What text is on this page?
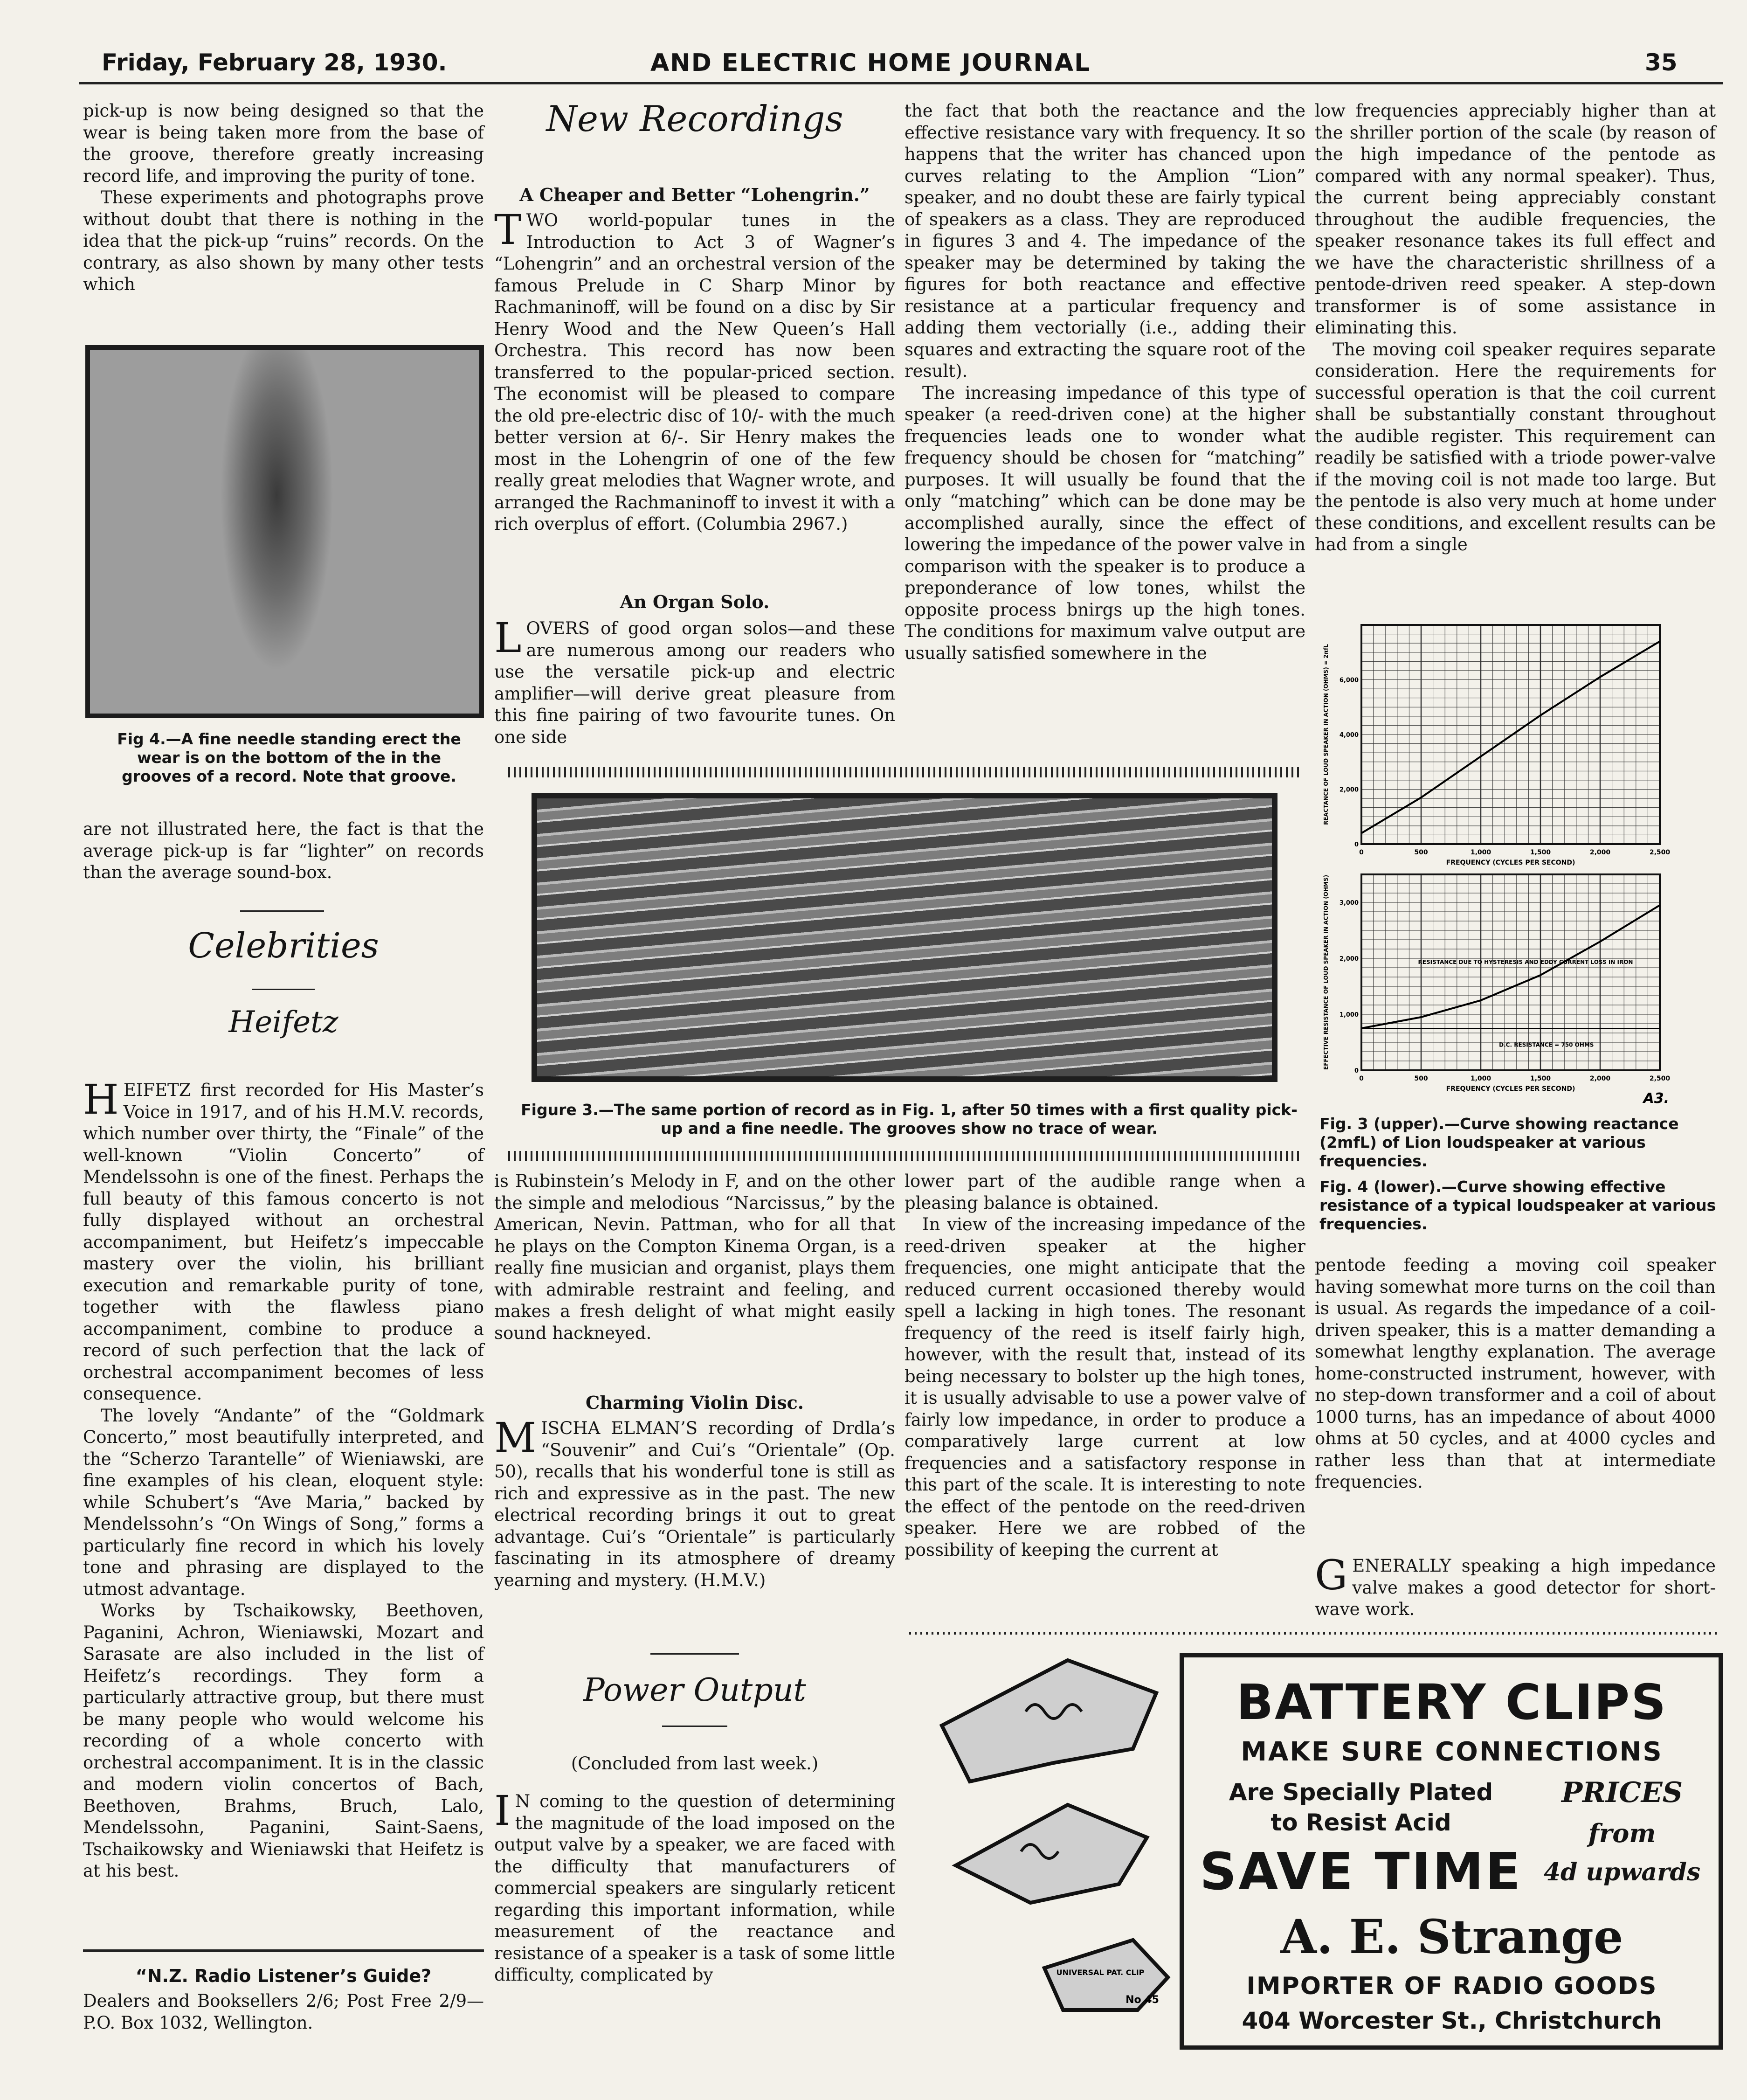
Friday, February 28, 1930.	AND ELECTRIC HOME JOURNAL	35

pick-up is now being designed so that the wear is being taken more from the base of the groove, therefore greatly increasing record life, and improving the purity of tone.

These experiments and photographs prove without doubt that there is nothing in the idea that the pick-up “ruins” records. On the contrary, as also shown by many other tests which

Fig 4.—A fine needle standing erect the wear is on the bottom of the in the grooves of a record. Note that groove.

are not illustrated here, the fact is that the average pick-up is far “lighter” on records than the average sound-box.

Celebrities
Heifetz

HEIFETZ first recorded for His Master’s Voice in 1917, and of his H.M.V. records, which number over thirty, the “Finale” of the well-known “Violin Concerto” of Mendelssohn is one of the finest. Perhaps the full beauty of this famous concerto is not fully displayed without an orchestral accompaniment, but Heifetz’s impeccable mastery over the violin, his brilliant execution and remarkable purity of tone, together with the flawless piano accompaniment, combine to produce a record of such perfection that the lack of orchestral accompaniment becomes of less consequence.

The lovely “Andante” of the “Goldmark Concerto,” most beautifully interpreted, and the “Scherzo Tarantelle” of Wieniawski, are fine examples of his clean, eloquent style: while Schubert’s “Ave Maria,” backed by Mendelssohn’s “On Wings of Song,” forms a particularly fine record in which his lovely tone and phrasing are displayed to the utmost advantage.

Works by Tschaikowsky, Beethoven, Paganini, Achron, Wieniawski, Mozart and Sarasate are also included in the list of Heifetz’s recordings. They form a particularly attractive group, but there must be many people who would welcome his recording of a whole concerto with orchestral accompaniment. It is in the classic and modern violin concertos of Bach, Beethoven, Brahms, Bruch, Lalo, Mendelssohn, Paganini, Saint-Saens, Tschaikowsky and Wieniawski that Heifetz is at his best.

“N.Z. Radio Listener’s Guide?

Dealers and Booksellers 2/6; Post Free 2/9—P.O. Box 1032, Wellington.

New Recordings
A Cheaper and Better “Lohengrin.”

TWO world-popular tunes in the Introduction to Act 3 of Wagner’s “Lohengrin” and an orchestral version of the famous Prelude in C Sharp Minor by Rachmaninoff, will be found on a disc by Sir Henry Wood and the New Queen’s Hall Orchestra. This record has now been transferred to the popular-priced section. The economist will be pleased to compare the old pre-electric disc of 10/- with the much better version at 6/-. Sir Henry makes the most in the Lohengrin of one of the few really great melodies that Wagner wrote, and arranged the Rachmaninoff to invest it with a rich overplus of effort. (Columbia 2967.)

An Organ Solo.

LOVERS of good organ solos—and these are numerous among our readers who use the versatile pick-up and electric amplifier—will derive great pleasure from this fine pairing of two favourite tunes. On one side

the fact that both the reactance and the effective resistance vary with frequency. It so happens that the writer has chanced upon curves relating to the Amplion “Lion” speaker, and no doubt these are fairly typical of speakers as a class. They are reproduced in figures 3 and 4. The impedance of the speaker may be determined by taking the figures for both reactance and effective resistance at a particular frequency and adding them vectorially (i.e., adding their squares and extracting the square root of the result).

The increasing impedance of this type of speaker (a reed-driven cone) at the higher frequencies leads one to wonder what frequency should be chosen for “matching” purposes. It will usually be found that the only “matching” which can be done may be accomplished aurally, since the effect of lowering the impedance of the power valve in comparison with the speaker is to produce a preponderance of low tones, whilst the opposite process bnirgs up the high tones. The conditions for maximum valve output are usually satisfied somewhere in the

low frequencies appreciably higher than at the shriller portion of the scale (by reason of the high impedance of the pentode as compared with any normal speaker). Thus, the current being appreciably constant throughout the audible frequencies, the speaker resonance takes its full effect and we have the characteristic shrillness of a pentode-driven reed speaker. A step-down transformer is of some assistance in eliminating this.

The moving coil speaker requires separate consideration. Here the requirements for successful operation is that the coil current shall be substantially constant throughout the audible register. This requirement can readily be satisfied with a triode power-valve if the moving coil is not made too large. But the pentode is also very much at home under these conditions, and excellent results can be had from a single

Figure 3.—The same portion of record as in Fig. 1, after 50 times with a first quality pick-up and a fine needle. The grooves show no trace of wear.
0	500	1,000	1,500	2,000	2,500
0
2,000
4,000
6,000
FREQUENCY (CYCLES PER SECOND)
REACTANCE OF LOUD SPEAKER IN ACTION (OHMS) = 2πfL
0	500	1,000	1,500	2,000	2,500
0
1,000
2,000
3,000
FREQUENCY (CYCLES PER SECOND)
EFFECTIVE RESISTANCE OF LOUD SPEAKER IN ACTION (OHMS)	RESISTANCE DUE TO HYSTERESIS AND EDDY CURRENT LOSS IN IRON
D.C. RESISTANCE = 750 OHMS
A3.
Fig. 3 (upper).—Curve showing reactance (2mfL) of Lion loudspeaker at various frequencies.
Fig. 4 (lower).—Curve showing effective resistance of a typical loudspeaker at various frequencies.

is Rubinstein’s Melody in F, and on the other the simple and melodious “Narcissus,” by the American, Nevin. Pattman, who for all that he plays on the Compton Kinema Organ, is a really fine musician and organist, plays them with admirable restraint and feeling, and makes a fresh delight of what might easily sound hackneyed.

Charming Violin Disc.

MISCHA ELMAN’S recording of Drdla’s “Souvenir” and Cui’s “Orientale” (Op. 50), recalls that his wonderful tone is still as rich and expressive as in the past. The new electrical recording brings it out to great advantage. Cui’s “Orientale” is particularly fascinating in its atmosphere of dreamy yearning and mystery. (H.M.V.)

Power Output
(Concluded from last week.)

I N coming to the question of determining the magnitude of the load imposed on the output valve by a speaker, we are faced with the difficulty that manufacturers of commercial speakers are singularly reticent regarding this important information, while measurement of the reactance and resistance of a speaker is a task of some little difficulty, complicated by

lower part of the audible range when a pleasing balance is obtained.

In view of the increasing impedance of the reed-driven speaker at the higher frequencies, one might anticipate that the reduced current occasioned thereby would spell a lacking in high tones. The resonant frequency of the reed is itself fairly high, however, with the result that, instead of its being necessary to bolster up the high tones, it is usually advisable to use a power valve of fairly low impedance, in order to produce a comparatively large current at low frequencies and a satisfactory response in this part of the scale. It is interesting to note the effect of the pentode on the reed-driven speaker. Here we are robbed of the possibility of keeping the current at

pentode feeding a moving coil speaker having somewhat more turns on the coil than is usual. As regards the impedance of a coil-driven speaker, this is a matter demanding a somewhat lengthy explanation. The average home-constructed instrument, however, with no step-down transformer and a coil of about 1000 turns, has an impedance of about 4000 ohms at 50 cycles, and at 4000 cycles and rather less than that at intermediate frequencies.

GENERALLY speaking a high impedance valve makes a good detector for short-wave work.

UNIVERSAL PAT. CLIP
No 45
BATTERY CLIPS
MAKE SURE CONNECTIONS
Are Specially Plated
to Resist Acid
SAVE TIME
PRICES
from
4d upwards
A. E. Strange
IMPORTER OF RADIO GOODS
404 Worcester St., Christchurch
